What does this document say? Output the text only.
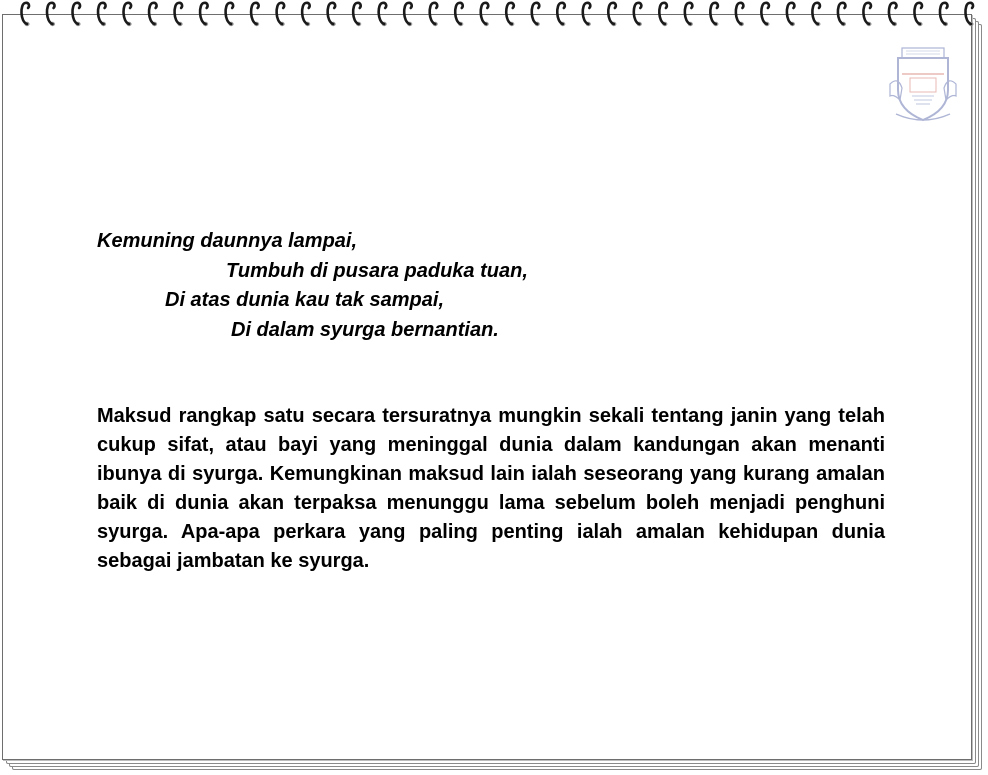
Kemuning daunnya lampai,
Tumbuh di pusara paduka tuan,
Di atas dunia kau tak sampai,
Di dalam syurga bernantian.
Maksud rangkap satu secara tersuratnya mungkin sekali tentang janin yang telah cukup sifat, atau bayi yang meninggal dunia dalam kandungan akan menanti ibunya di syurga. Kemungkinan maksud lain ialah seseorang yang kurang amalan baik di dunia akan terpaksa menunggu lama sebelum boleh menjadi penghuni syurga. Apa-apa perkara yang paling penting ialah amalan kehidupan dunia sebagai jambatan ke syurga.
